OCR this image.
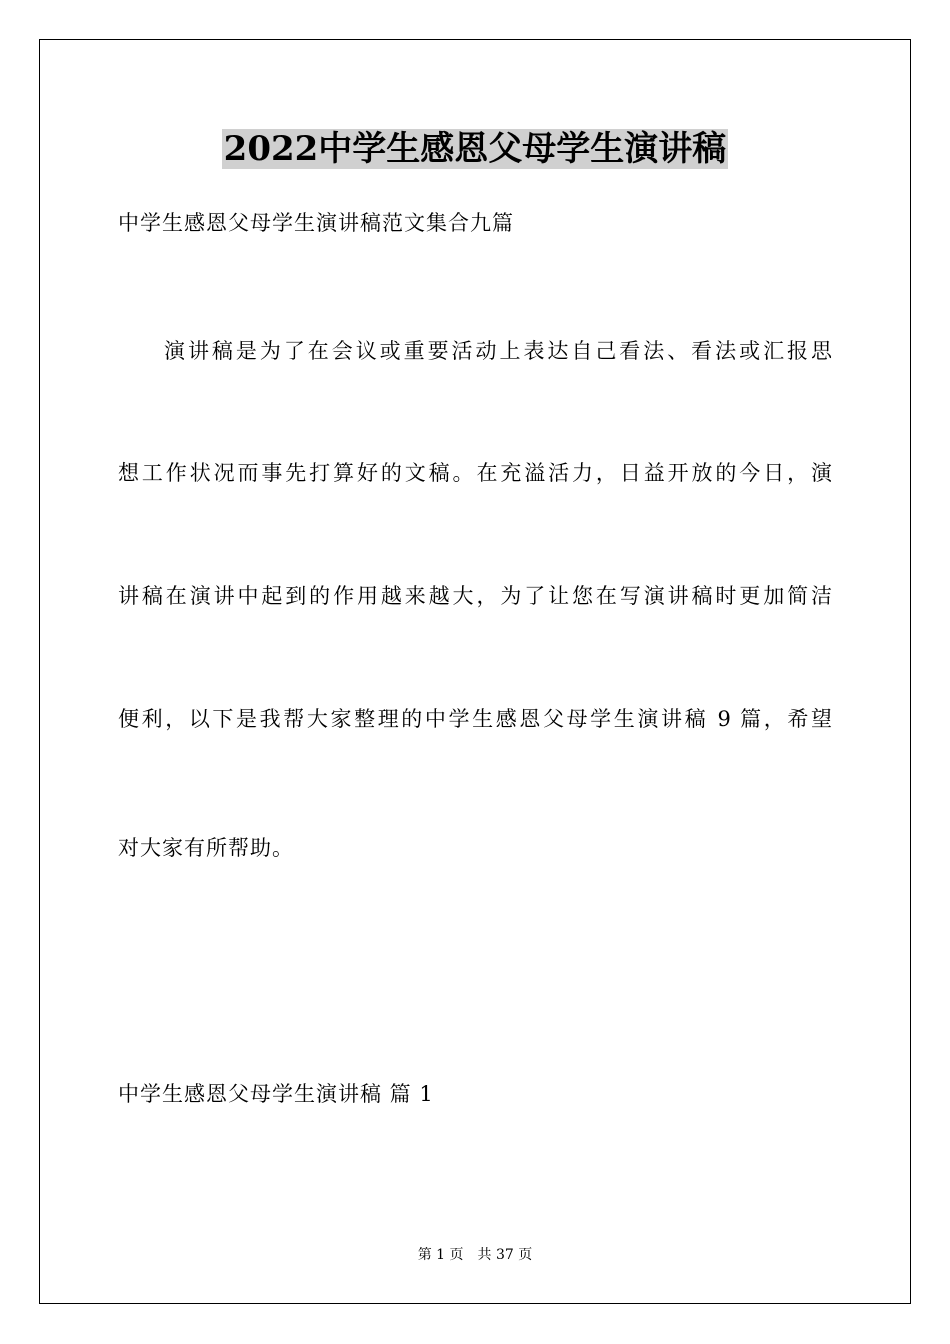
2022中学生感恩父母学生演讲稿
中学生感恩父母学生演讲稿范文集合九篇
演讲稿是为了在会议或重要活动上表达自己看法、看法或汇报思
想工作状况而事先打算好的文稿。在充溢活力，日益开放的今日，演
讲稿在演讲中起到的作用越来越大，为了让您在写演讲稿时更加简洁
便利，以下是我帮大家整理的中学生感恩父母学生演讲稿 9 篇，希望
对大家有所帮助。
中学生感恩父母学生演讲稿 篇 1
第 1 页 共 37 页
